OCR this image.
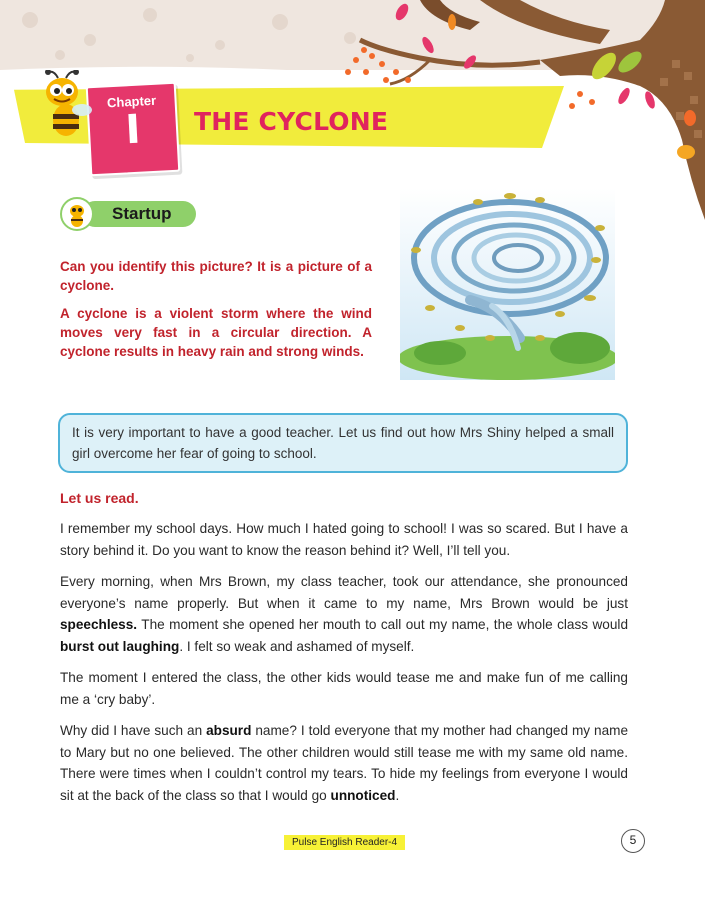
Chapter
I	THE CYCLONE
Startup
Can you identify this picture? It is a picture of a cyclone.
A cyclone is a violent storm where the wind moves very fast in a circular direction. A cyclone results in heavy rain and strong winds.
It is very important to have a good teacher. Let us find out how Mrs Shiny helped a small girl overcome her fear of going to school.
Let us read.

I remember my school days. How much I hated going to school! I was so scared. But I have a story behind it. Do you want to know the reason behind it? Well, I’ll tell you.

Every morning, when Mrs Brown, my class teacher, took our attendance, she pronounced everyone’s name properly. But when it came to my name, Mrs Brown would be just speechless. The moment she opened her mouth to call out my name, the whole class would burst out laughing. I felt so weak and ashamed of myself.

The moment I entered the class, the other kids would tease me and make fun of me calling me a ‘cry baby’.

Why did I have such an absurd name? I told everyone that my mother had changed my name to Mary but no one believed. The other children would still tease me with my same old name. There were times when I couldn’t control my tears. To hide my feelings from everyone I would sit at the back of the class so that I would go unnoticed.

Pulse English Reader-4	5
